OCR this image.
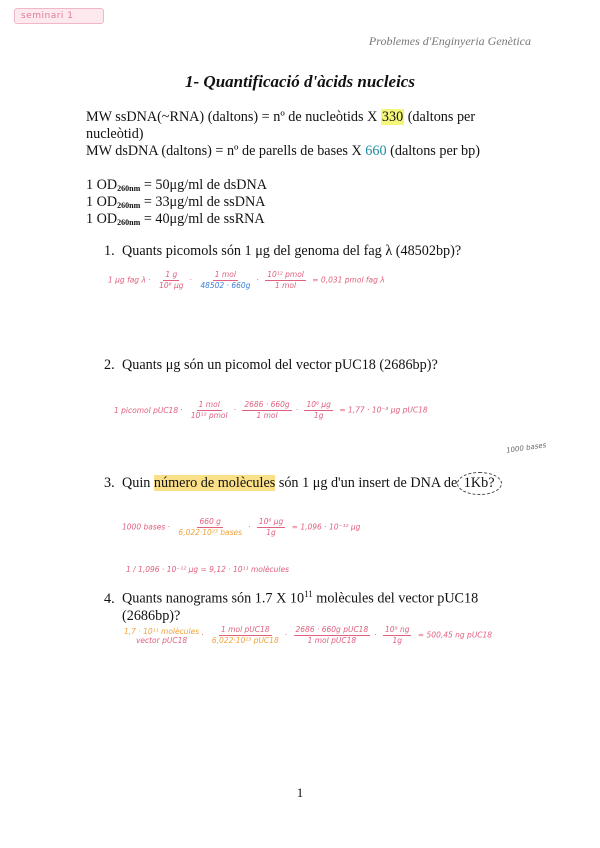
seminari 1
Problemes d'Enginyeria Genètica
1- Quantificació d'àcids nucleics
MW ssDNA(~RNA) (daltons) = nº de nucleòtids X 330 (daltons per
nucleòtid)
MW dsDNA (daltons) = nº de parells de bases X 660 (daltons per bp)
1 $OD_{260nm} = 50\mu g/ml$ de dsDNA
1 $OD_{260nm} = 33\mu g/ml$ de ssDNA
1 $OD_{260nm} = 40\mu g/ml$ de ssRNA
1. Quants picomols són 1 μg del genoma del fag λ (48502bp)?
1 μg fag $\lambda \cdot \frac{1 g}{\text{10⁶ μg}} \cdot \frac{\text{1 mol}}{48502 \cdot 660g} \cdot \frac{\text{10¹² pmol}}{\text{1 mol}} = 0,031$ pmol fag λ
2. Quants μg són un picomol del vector pUC18 (2686bp)?
1 picomol $pUC18 \cdot \frac{\text{1 mol}}{\text{10¹² pmol}} \cdot \frac{2686 \cdot 660g}{\text{1 mol}} \cdot \frac{\text{10⁶ μg}}{1g} = 1,77 \cdot 10^{-3}$ μg pUC18
1000 bases
3. Quin número de molècules són 1 μg d'un insert de DNA de 1Kb?
1000 bases · $\frac{660 g}{\text{6,022·10²³ bases}} \cdot \frac{\text{10⁶ μg}}{1g} = 1,096 \cdot 10^{-12}$ μg
1 / 1,096 · 10⁻¹² μg = 9,12 · 10¹¹ molècules
4. Quants nanograms són 1.7 X $10^{11}$ molècules del vector pUC18
(2686bp)?
1,7 · 10¹¹ molècules
vector pUC18
· $\frac{\text{1 mol pUC18}}{\text{6,022·10²³ pUC18}} \cdot \frac{\text{2686 · 660g pUC18}}{\text{1 mol pUC18}} \cdot \frac{\text{10⁹ ng}}{1g} = 500,45$ ng pUC18
1
